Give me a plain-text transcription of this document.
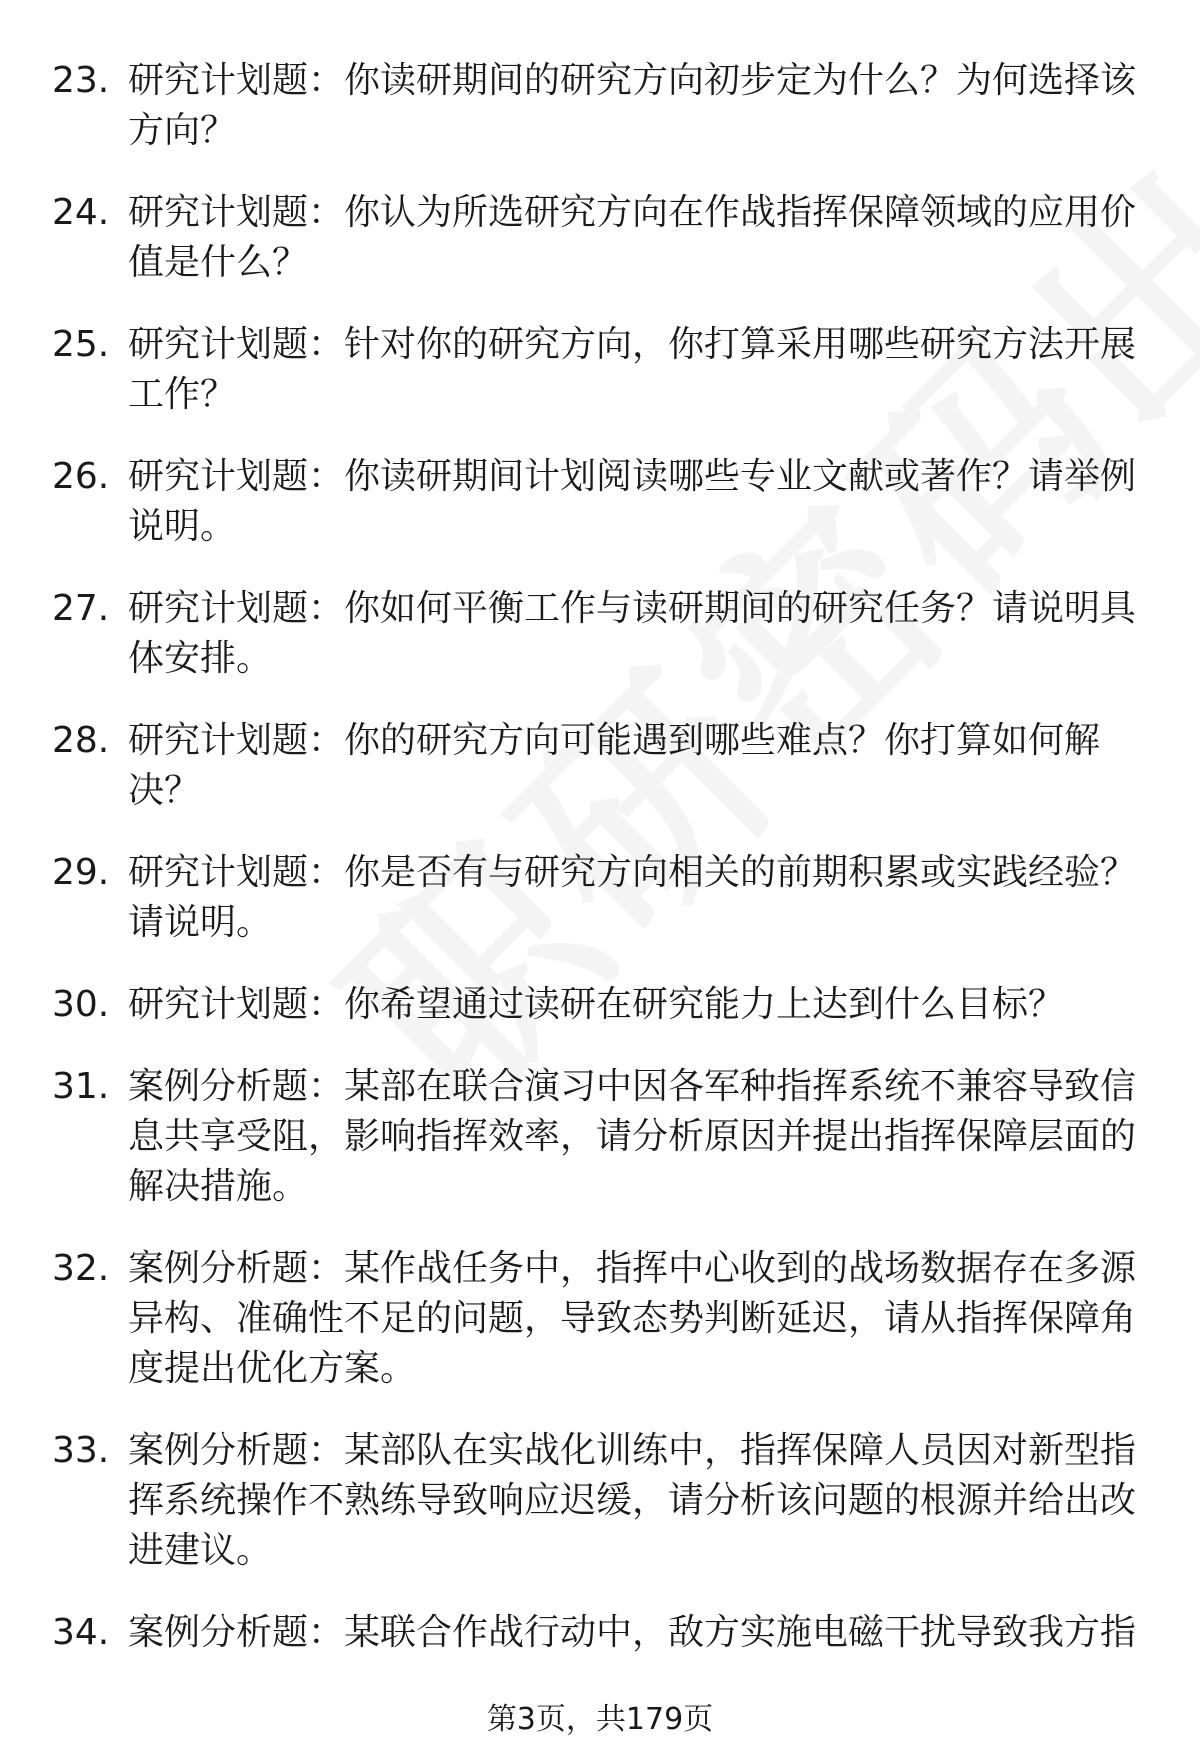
23. 研究计划题：你读研期间的研究方向初步定为什么？为何选择该方向？
24. 研究计划题：你认为所选研究方向在作战指挥保障领域的应用价值是什么？
25. 研究计划题：针对你的研究方向，你打算采用哪些研究方法开展工作？
26. 研究计划题：你读研期间计划阅读哪些专业文献或著作？请举例说明。
27. 研究计划题：你如何平衡工作与读研期间的研究任务？请说明具体安排。
28. 研究计划题：你的研究方向可能遇到哪些难点？你打算如何解决？
29. 研究计划题：你是否有与研究方向相关的前期积累或实践经验？请说明。
30. 研究计划题：你希望通过读研在研究能力上达到什么目标？
31. 案例分析题：某部在联合演习中因各军种指挥系统不兼容导致信息共享受阻，影响指挥效率，请分析原因并提出指挥保障层面的解决措施。
32. 案例分析题：某作战任务中，指挥中心收到的战场数据存在多源异构、准确性不足的问题，导致态势判断延迟，请从指挥保障角度提出优化方案。
33. 案例分析题：某部队在实战化训练中，指挥保障人员因对新型指挥系统操作不熟练导致响应迟缓，请分析该问题的根源并给出改进建议。
34. 案例分析题：某联合作战行动中，敌方实施电磁干扰导致我方指
第3页，共179页
